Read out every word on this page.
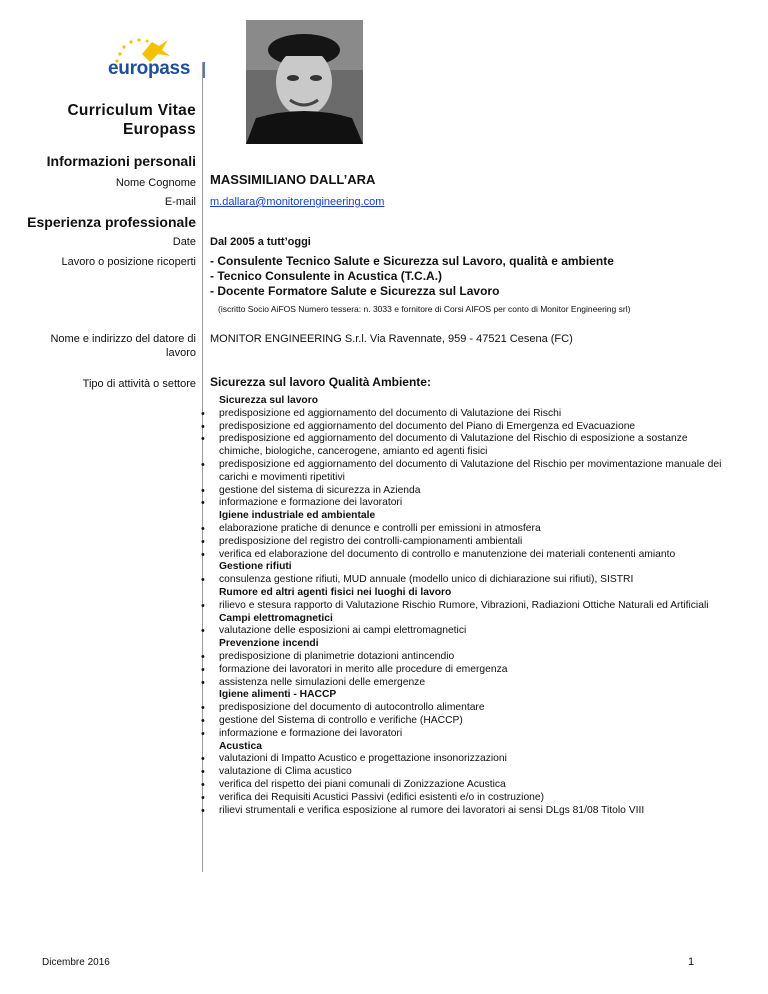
europass
Curriculum Vitae
Europass
Informazioni personali
Nome Cognome MASSIMILIANO DALL’ARA
E-mail m.dallara@monitorengineering.com
Esperienza professionale
Date Dal 2005 a tutt’oggi
Lavoro o posizione ricoperti - Consulente Tecnico Salute e Sicurezza sul Lavoro, qualità e ambiente
- Tecnico Consulente in Acustica (T.C.A.)
- Docente Formatore Salute e Sicurezza sul Lavoro
(iscritto Socio AiFOS Numero tessera: n. 3033 e fornitore di Corsi AIFOS per conto di Monitor Engineering srl)
Nome e indirizzo del datore di
lavoro
MONITOR ENGINEERING S.r.l. Via Ravennate, 959 - 47521 Cesena (FC)
Tipo di attività o settore Sicurezza sul lavoro Qualità Ambiente:
Sicurezza sul lavoro
• predisposizione ed aggiornamento del documento di Valutazione dei Rischi
• predisposizione ed aggiornamento del documento del Piano di Emergenza ed Evacuazione
• predisposizione ed aggiornamento del documento di Valutazione del Rischio di esposizione a sostanze
chimiche, biologiche, cancerogene, amianto ed agenti fisici
• predisposizione ed aggiornamento del documento di Valutazione del Rischio per movimentazione manuale dei
carichi e movimenti ripetitivi
• gestione del sistema di sicurezza in Azienda
• informazione e formazione dei lavoratori
Igiene industriale ed ambientale
• elaborazione pratiche di denunce e controlli per emissioni in atmosfera
• predisposizione del registro dei controlli-campionamenti ambientali
• verifica ed elaborazione del documento di controllo e manutenzione dei materiali contenenti amianto
Gestione rifiuti
• consulenza gestione rifiuti, MUD annuale (modello unico di dichiarazione sui rifiuti), SISTRI
Rumore ed altri agenti fisici nei luoghi di lavoro
• rilievo e stesura rapporto di Valutazione Rischio Rumore, Vibrazioni, Radiazioni Ottiche Naturali ed Artificiali
Campi elettromagnetici
• valutazione delle esposizioni ai campi elettromagnetici
Prevenzione incendi
• predisposizione di planimetrie dotazioni antincendio
• formazione dei lavoratori in merito alle procedure di emergenza
• assistenza nelle simulazioni delle emergenze
Igiene alimenti - HACCP
• predisposizione del documento di autocontrollo alimentare
• gestione del Sistema di controllo e verifiche (HACCP)
• informazione e formazione dei lavoratori
Acustica
• valutazioni di Impatto Acustico e progettazione insonorizzazioni
• valutazione di Clima acustico
• verifica del rispetto dei piani comunali di Zonizzazione Acustica
• verifica dei Requisiti Acustici Passivi (edifici esistenti e/o in costruzione)
• rilievi strumentali e verifica esposizione al rumore dei lavoratori ai sensi DLgs 81/08 Titolo VIII
Dicembre 2016	1
